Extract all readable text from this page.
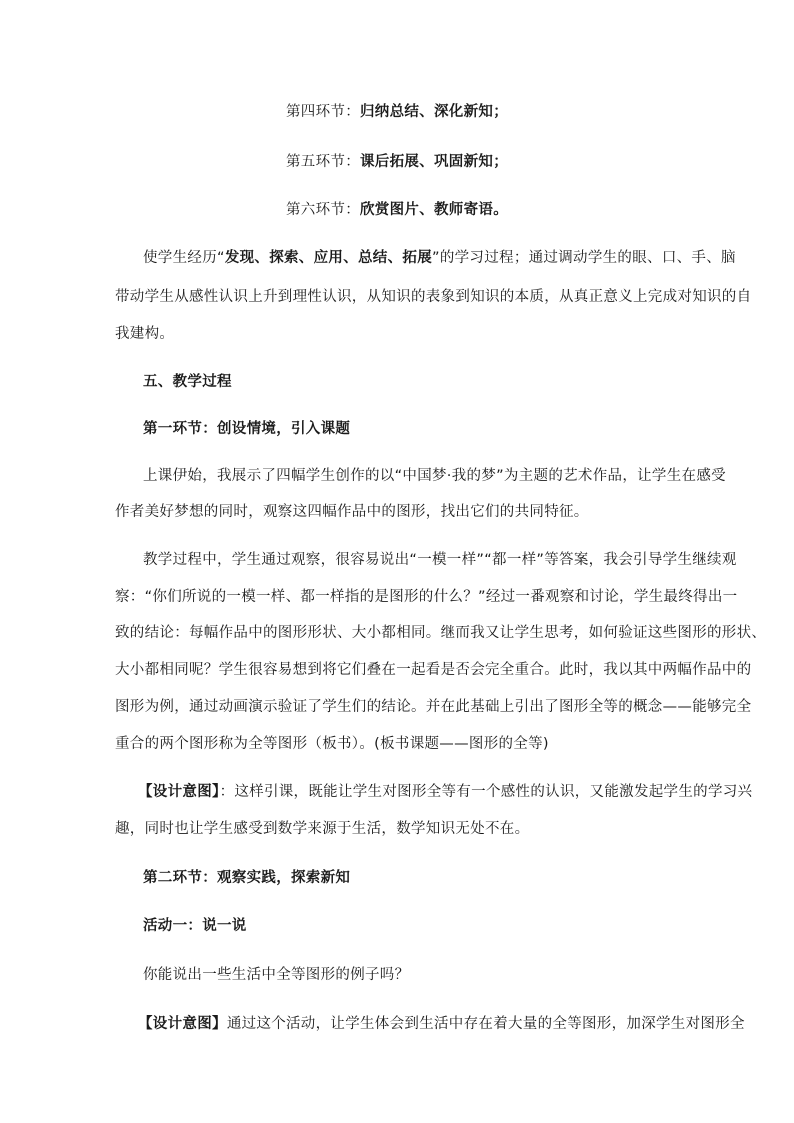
第四环节：归纳总结、深化新知；
第五环节：课后拓展、巩固新知；
第六环节：欣赏图片、教师寄语。
使学生经历“发现、探索、应用、总结、拓展”的学习过程；通过调动学生的眼、口、手、脑
带动学生从感性认识上升到理性认识，从知识的表象到知识的本质，从真正意义上完成对知识的自
我建构。
五、教学过程
第一环节：创设情境，引入课题
上课伊始，我展示了四幅学生创作的以“中国梦·我的梦”为主题的艺术作品，让学生在感受
作者美好梦想的同时，观察这四幅作品中的图形，找出它们的共同特征。
教学过程中，学生通过观察，很容易说出“一模一样”“都一样”等答案，我会引导学生继续观
察：“你们所说的一模一样、都一样指的是图形的什么？”经过一番观察和讨论，学生最终得出一
致的结论：每幅作品中的图形形状、大小都相同。继而我又让学生思考，如何验证这些图形的形状、
大小都相同呢？学生很容易想到将它们叠在一起看是否会完全重合。此时，我以其中两幅作品中的
图形为例，通过动画演示验证了学生们的结论。并在此基础上引出了图形全等的概念——能够完全
重合的两个图形称为全等图形（板书）。(板书课题——图形的全等)
【设计意图】：这样引课，既能让学生对图形全等有一个感性的认识，又能激发起学生的学习兴
趣，同时也让学生感受到数学来源于生活，数学知识无处不在。
第二环节：观察实践，探索新知
活动一：说一说
你能说出一些生活中全等图形的例子吗？
【设计意图】通过这个活动，让学生体会到生活中存在着大量的全等图形，加深学生对图形全
